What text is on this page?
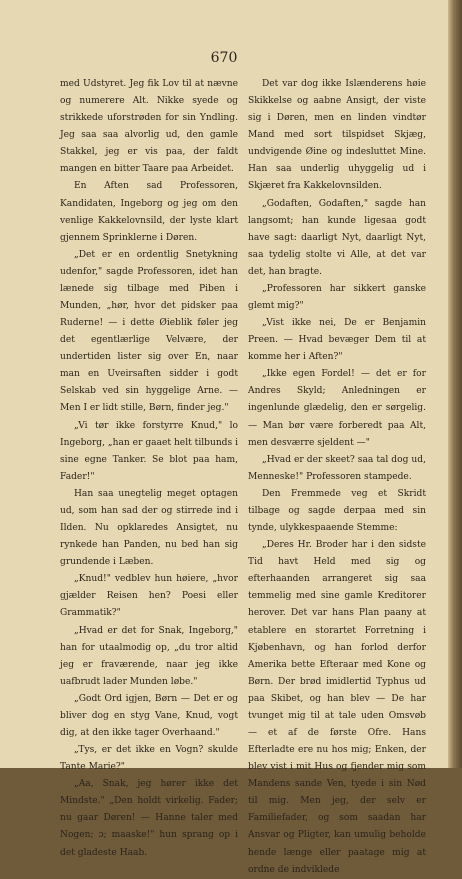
670

med Udstyret. Jeg fik Lov til at nævne og numerere Alt. Nikke syede og strikkede uforstrøden for sin Yndling. Jeg saa saa alvorlig ud, den gamle Stakkel, jeg er vis paa, der faldt mangen en bitter Taare paa Arbeidet.

En Aften sad Professoren, Kandidaten, Ingeborg og jeg om den venlige Kakkelovnsild, der lyste klart gjennem Sprinklerne i Døren.

„Det er en ordentlig Snetykning udenfor," sagde Professoren, idet han lænede sig tilbage med Piben i Munden, „hør, hvor det pidsker paa Ruderne! — i dette Øieblik føler jeg det egentlærlige Velvære, der undertiden lister sig over En, naar man en Uveirsaften sidder i godt Selskab ved sin hyggelige Arne. — Men I er lidt stille, Børn, finder jeg."

„Vi tør ikke forstyrre Knud," lo Ingeborg, „han er gaaet helt tilbunds i sine egne Tanker. Se blot paa ham, Fader!"

Han saa unegtelig meget optagen ud, som han sad der og stirrede ind i Ilden. Nu opklaredes Ansigtet, nu rynkede han Panden, nu bed han sig grundende i Læben.

„Knud!" vedblev hun høiere, „hvor gjælder Reisen hen? Poesi eller Grammatik?"

„Hvad er det for Snak, Ingeborg," han for utaalmodig op, „du tror altid jeg er fraværende, naar jeg ikke uafbrudt lader Munden løbe."

„Godt Ord igjen, Børn — Det er og bliver dog en styg Vane, Knud, vogt dig, at den ikke tager Overhaand."

„Tys, er det ikke en Vogn? skulde Tante Marie?"

„Aa, Snak, jeg hører ikke det Mindste." „Den holdt virkelig. Fader; nu gaar Døren! — Hanne taler med Nogen; ɔ; maaske!" hun sprang op i det gladeste Haab.

Det var dog ikke Islænderens høie Skikkelse og aabne Ansigt, der viste sig i Døren, men en linden vindtør Mand med sort tilspidset Skjæg, undvigende Øine og indesluttet Mine. Han saa underlig uhyggelig ud i Skjæret fra Kakkelovnsilden.

„Godaften, Godaften," sagde han langsomt; han kunde ligesaa godt have sagt: daarligt Nyt, daarligt Nyt, saa tydelig stolte vi Alle, at det var det, han bragte.

„Professoren har sikkert ganske glemt mig?"

„Vist ikke nei, De er Benjamin Preen. — Hvad bevæger Dem til at komme her i Aften?"

„Ikke egen Fordel! — det er for Andres Skyld; Anledningen er ingenlunde glædelig, den er sørgelig. — Man bør være forberedt paa Alt, men desværre sjeldent —"

„Hvad er der skeet? saa tal dog ud, Menneske!" Professoren stampede.

Den Fremmede veg et Skridt tilbage og sagde derpaa med sin tynde, ulykkespaaende Stemme:

„Deres Hr. Broder har i den sidste Tid havt Held med sig og efterhaanden arrangeret sig saa temmelig med sine gamle Kreditorer herover. Det var hans Plan paany at etablere en storartet Forretning i Kjøbenhavn, og han forlod derfor Amerika bette Efteraar med Kone og Børn. Der brød imidlertid Typhus ud paa Skibet, og han blev — De har tvunget mig til at tale uden Omsvøb — et af de første Ofre. Hans Efterladte ere nu hos mig; Enken, der blev vist i mit Hus og fjender mig som Mandens sande Ven, tyede i sin Nød til mig. Men jeg, der selv er Familiefader, og som saadan har Ansvar og Pligter, kan umulig beholde hende længe eller paatage mig at ordne de indviklede
